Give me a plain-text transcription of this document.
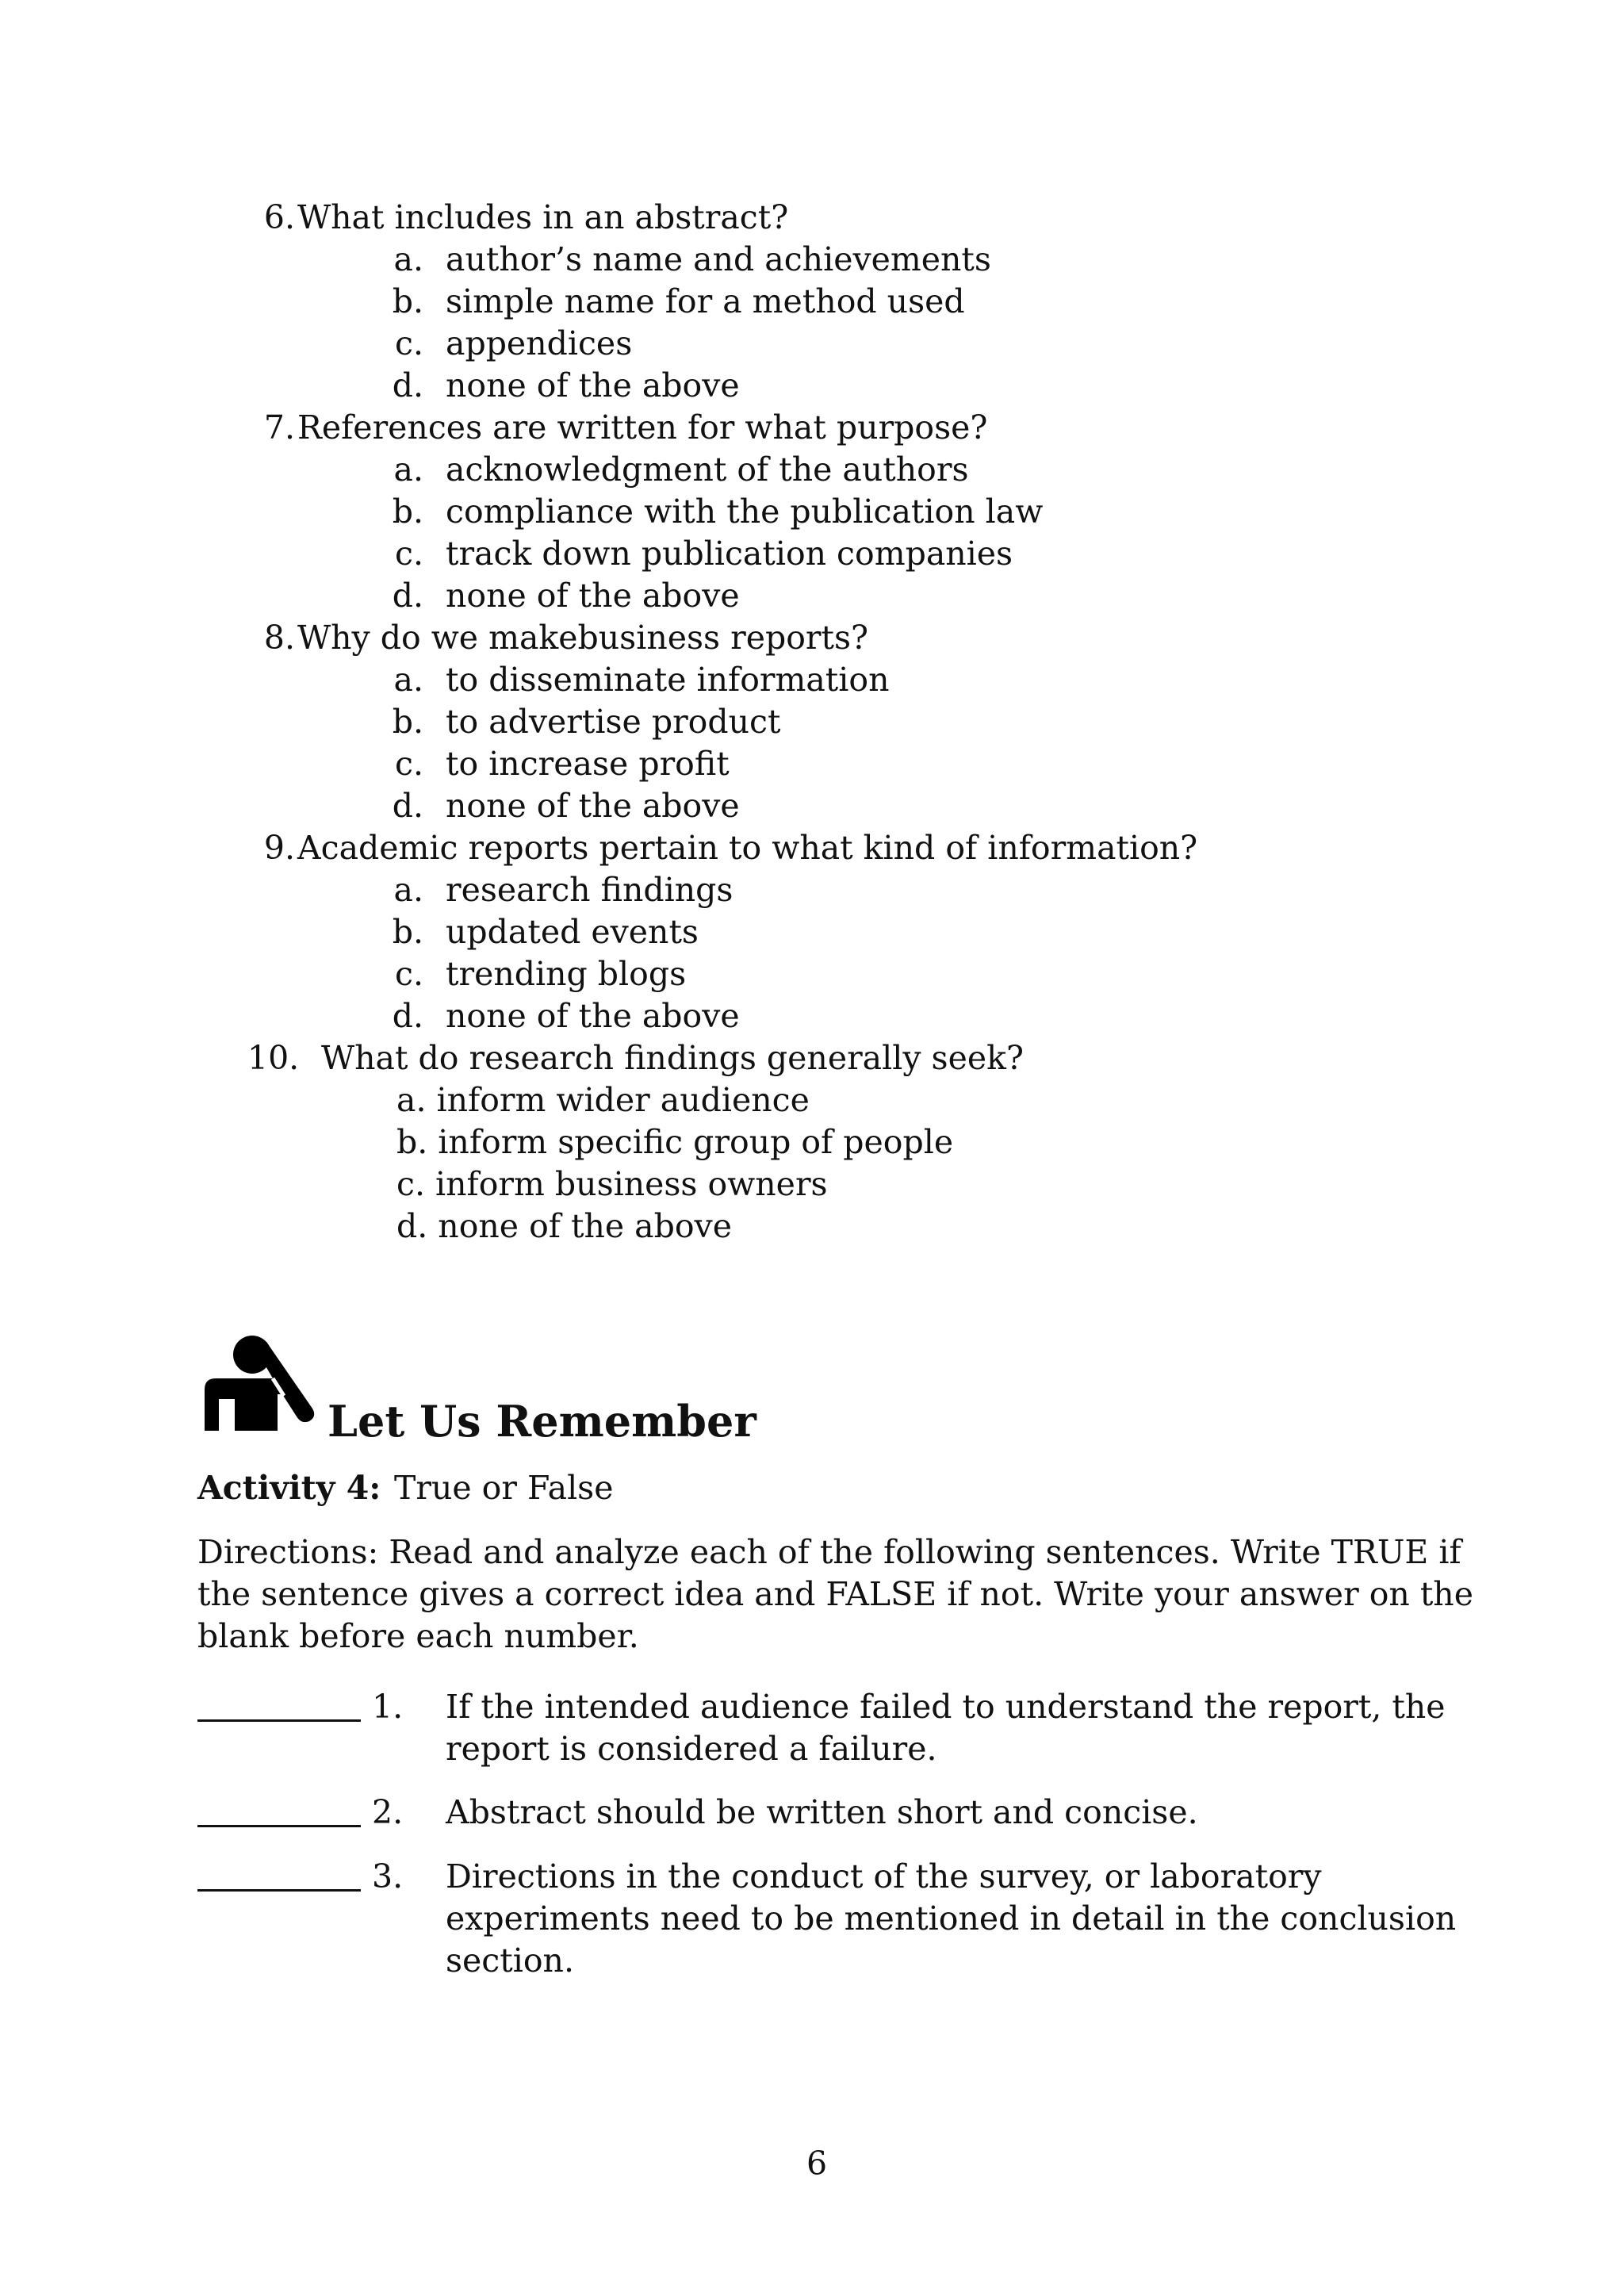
6. What includes in an abstract?
a. author’s name and achievements
b. simple name for a method used
c. appendices
d. none of the above
7. References are written for what purpose?
a. acknowledgment of the authors
b. compliance with the publication law
c. track down publication companies
d. none of the above
8. Why do we makebusiness reports?
a. to disseminate information
b. to advertise product
c. to increase profit
d. none of the above
9. Academic reports pertain to what kind of information?
a. research findings
b. updated events
c. trending blogs
d. none of the above
10. What do research findings generally seek?
a. inform wider audience
b. inform specific group of people
c. inform business owners
d. none of the above
Let Us Remember
Activity 4: True or False
Directions: Read and analyze each of the following sentences. Write TRUE if
the sentence gives a correct idea and FALSE if not. Write your answer on the
blank before each number.
1. If the intended audience failed to understand the report, the
report is considered a failure.
2. Abstract should be written short and concise.
3. Directions in the conduct of the survey, or laboratory
experiments need to be mentioned in detail in the conclusion
section.
6
